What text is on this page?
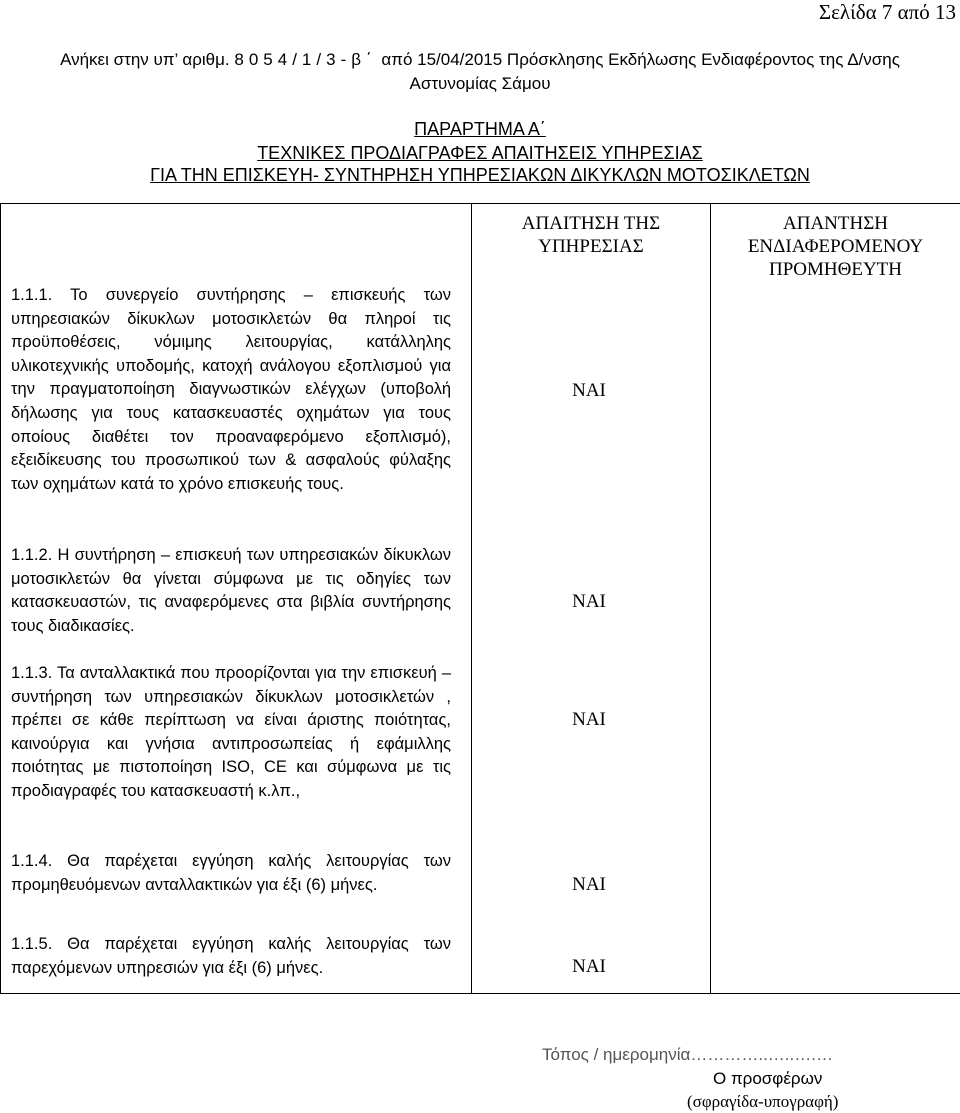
Σελίδα 7 από 13
Ανήκει στην υπ’ αριθμ. 8054/1/3-β΄ από 15/04/2015 Πρόσκλησης Εκδήλωσης Ενδιαφέροντος της Δ/νσης
Αστυνομίας Σάμου
ΠΑΡΑΡΤΗΜΑ Α΄
ΤΕΧΝΙΚΕΣ ΠΡΟΔΙΑΓΡΑΦΕΣ ΑΠΑΙΤΗΣΕΙΣ ΥΠΗΡΕΣΙΑΣ
ΓΙΑ ΤΗΝ ΕΠΙΣΚΕΥΗ- ΣΥΝΤΗΡΗΣΗ ΥΠΗΡΕΣΙΑΚΩΝ ΔΙΚΥΚΛΩΝ ΜΟΤΟΣΙΚΛΕΤΩΝ

ΑΠΑΙΤΗΣΗ ΤΗΣ
ΥΠΗΡΕΣΙΑΣ

ΑΠΑΝΤΗΣΗ
ΕΝΔΙΑΦΕΡΟΜΕΝΟΥ
ΠΡΟΜΗΘΕΥΤΗ
1.1.1. Το συνεργείο συντήρησης – επισκευής των υπηρεσιακών δίκυκλων μοτοσικλετών θα πληροί τις προϋποθέσεις, νόμιμης λειτουργίας, κατάλληλης υλικοτεχνικής υποδομής, κατοχή ανάλογου εξοπλισμού για την πραγματοποίηση διαγνωστικών ελέγχων (υποβολή δήλωσης για τους κατασκευαστές οχημάτων για τους οποίους διαθέτει τον προαναφερόμενο εξοπλισμό), εξειδίκευσης του προσωπικού των & ασφαλούς φύλαξης των οχημάτων κατά το χρόνο επισκευής τους.
ΝΑΙ
1.1.2. Η συντήρηση – επισκευή των υπηρεσιακών δίκυκλων μοτοσικλετών θα γίνεται σύμφωνα με τις οδηγίες των κατασκευαστών, τις αναφερόμενες στα βιβλία συντήρησης τους διαδικασίες.
ΝΑΙ
1.1.3. Τα ανταλλακτικά που προορίζονται για την επισκευή – συντήρηση των υπηρεσιακών δίκυκλων μοτοσικλετών , πρέπει σε κάθε περίπτωση να είναι άριστης ποιότητας, καινούργια και γνήσια αντιπροσωπείας ή εφάμιλλης ποιότητας με πιστοποίηση ISO, CE και σύμφωνα με τις προδιαγραφές του κατασκευαστή κ.λπ.,
ΝΑΙ
1.1.4. Θα παρέχεται εγγύηση καλής λειτουργίας των προμηθευόμενων ανταλλακτικών για έξι (6) μήνες.	ΝΑΙ
1.1.5. Θα παρέχεται εγγύηση καλής λειτουργίας των παρεχόμενων υπηρεσιών για έξι (6) μήνες.	ΝΑΙ
Τόπος / ημερομηνία…………..…..….…
Ο προσφέρων
(σφραγίδα-υπογραφή)
